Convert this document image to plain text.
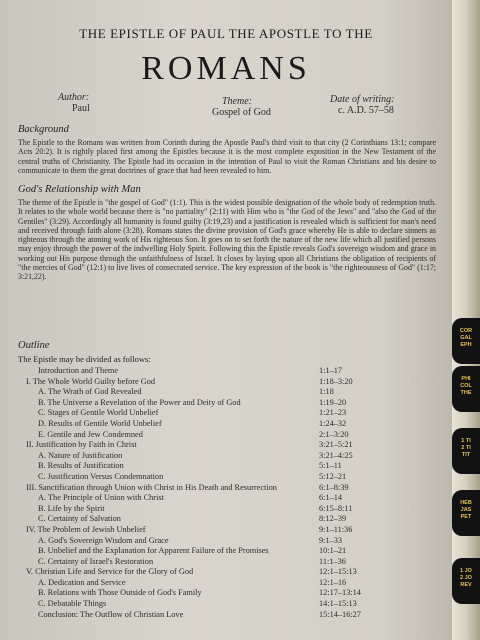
THE EPISTLE OF PAUL THE APOSTLE TO THE
ROMANS
Author:
Paul
Theme:
Gospel of God
Date of writing:
c. A.D. 57–58
Background

The Epistle to the Romans was written from Corinth during the Apostle Paul's third visit to that city (2 Corinthians 13:1; compare Acts 20:2). It is rightly placed first among the Epistles because it is the most complete exposition in the New Testament of the central truths of Christianity. The Epistle had its occasion in the intention of Paul to visit the Roman Christians and his desire to communicate to them the great doctrines of grace that had been revealed to him.

God's Relationship with Man

The theme of the Epistle is "the gospel of God" (1:1). This is the widest possible designation of the whole body of redemption truth. It relates to the whole world because there is "no partiality" (2:11) with Him who is "the God of the Jews" and "also the God of the Gentiles" (3:29). Accordingly all humanity is found guilty (3:19,23) and a justification is revealed which is sufficient for man's need and received through faith alone (3:28). Romans states the divine provision of God's grace whereby He is able to declare sinners as righteous through the atoning work of His righteous Son. It goes on to set forth the nature of the new life which all justified persons may enjoy through the power of the indwelling Holy Spirit. Following this the Epistle reveals God's sovereign wisdom and grace in working out His purpose through the unfaithfulness of Israel. It closes by laying upon all Christians the obligation of recipients of "the mercies of God" (12:1) to live lives of consecrated service. The key expression of the book is "the righteousness of God" (1:17; 3:21,22).

Outline
The Epistle may be divided as follows:
Introduction and Theme	1:1–17
I. The Whole World Guilty before God	1:18–3:20
A. The Wrath of God Revealed	1:18
B. The Universe a Revelation of the Power and Deity of God	1:19–20
C. Stages of Gentile World Unbelief	1:21–23
D. Results of Gentile World Unbelief	1:24–32
E. Gentile and Jew Condemned	2:1–3:20
II. Justification by Faith in Christ	3:21–5:21
A. Nature of Justification	3:21–4:25
B. Results of Justification	5:1–11
C. Justification Versus Condemnation	5:12–21
III. Sanctification through Union with Christ in His Death and Resurrection	6:1–8:39
A. The Principle of Union with Christ	6:1–14
B. Life by the Spirit	6:15–8:11
C. Certainty of Salvation	8:12–39
IV. The Problem of Jewish Unbelief	9:1–11:36
A. God's Sovereign Wisdom and Grace	9:1–33
B. Unbelief and the Explanation for Apparent Failure of the Promises	10:1–21
C. Certainty of Israel's Restoration	11:1–36
V. Christian Life and Service for the Glory of God	12:1–15:13
A. Dedication and Service	12:1–16
B. Relations with Those Outside of God's Family	12:17–13:14
C. Debatable Things	14:1–15:13
Conclusion: The Outflow of Christian Love	15:14–16:27
COR
GAL
EPH
PHI
COL
THE
1 TI
2 TI
TIT
HEB
JAS
PET
1 JO
2 JO
REV
